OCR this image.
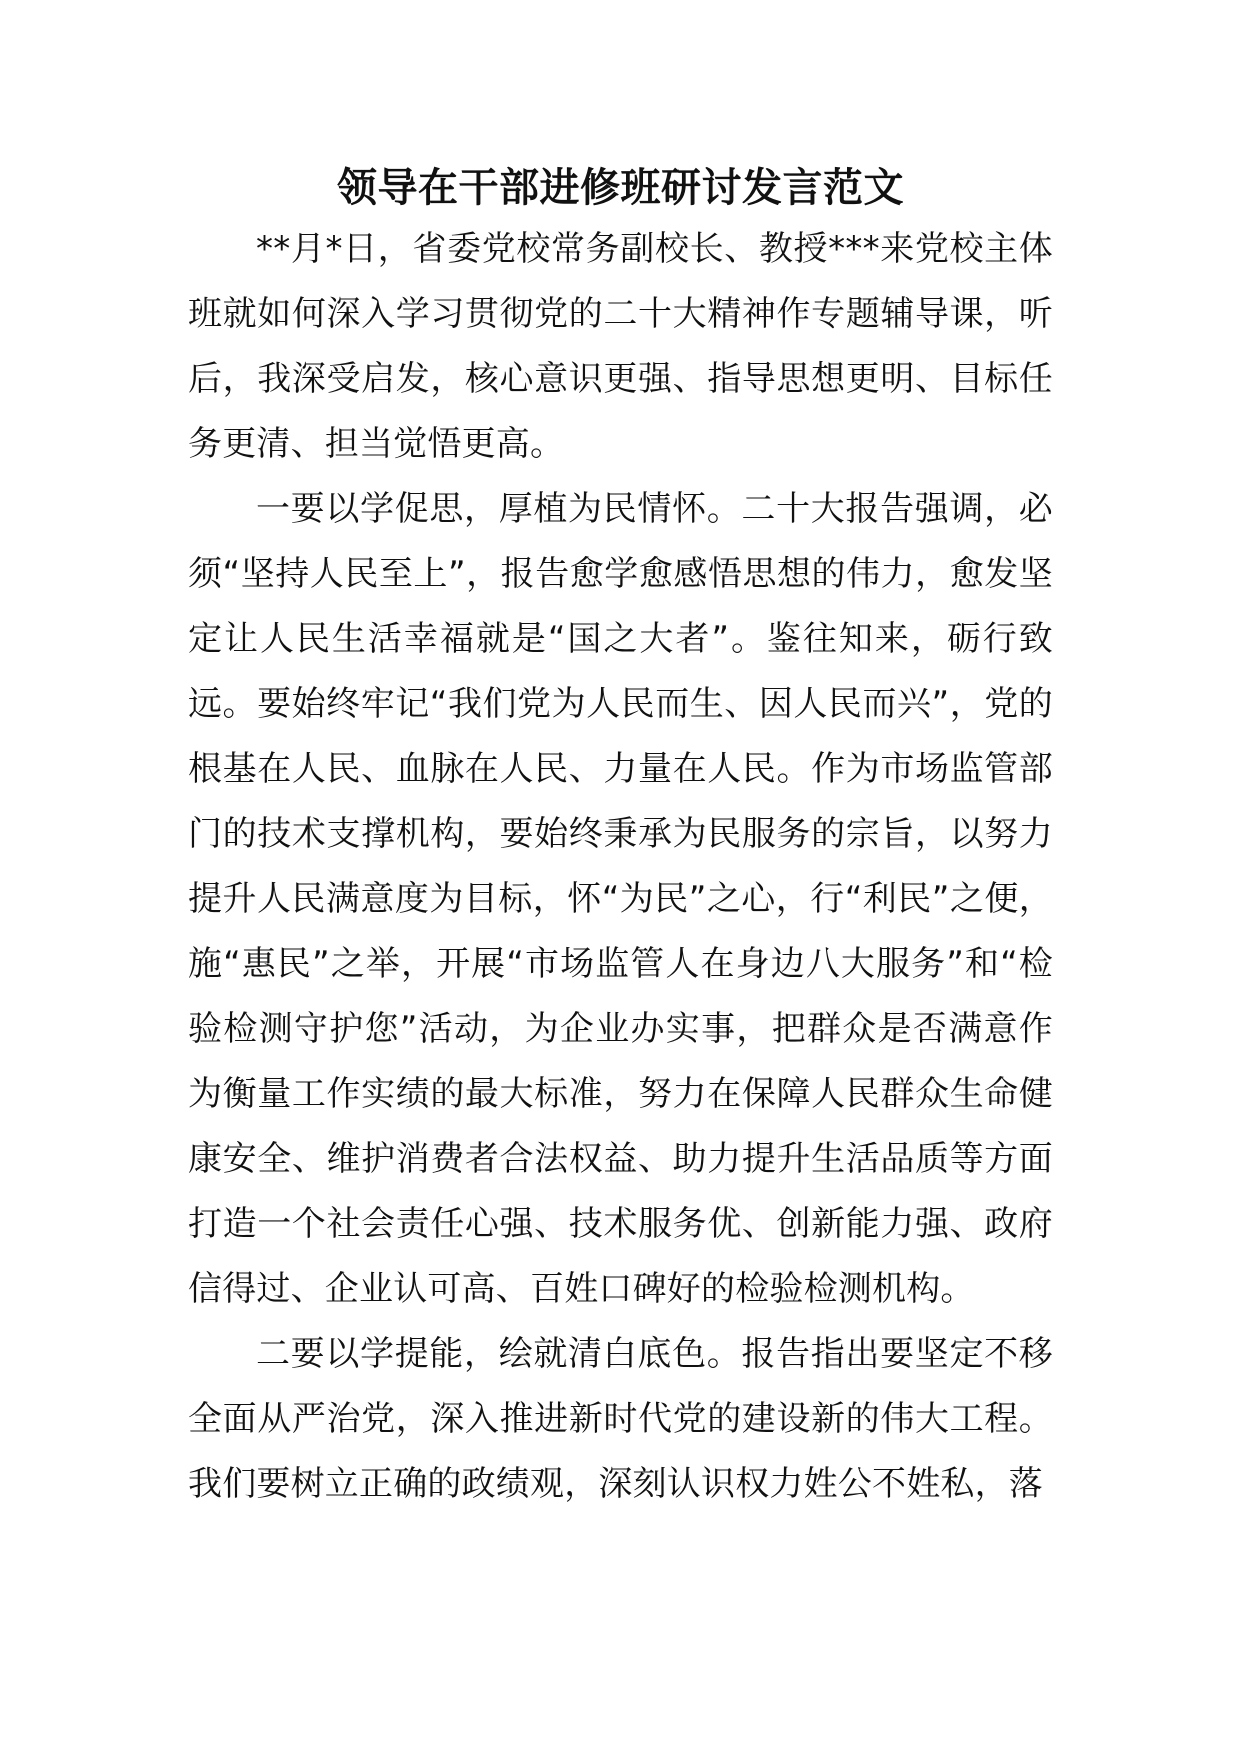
领导在干部进修班研讨发言范文

**月*日，省委党校常务副校长、教授***来党校主体班就如何深入学习贯彻党的二十大精神作专题辅导课，听后，我深受启发，核心意识更强、指导思想更明、目标任务更清、担当觉悟更高。

一要以学促思，厚植为民情怀。二十大报告强调，必须“坚持人民至上”，报告愈学愈感悟思想的伟力，愈发坚定让人民生活幸福就是“国之大者”。鉴往知来，砺行致远。要始终牢记“我们党为人民而生、因人民而兴”，党的根基在人民、血脉在人民、力量在人民。作为市场监管部门的技术支撑机构，要始终秉承为民服务的宗旨，以努力提升人民满意度为目标，怀“为民”之心，行“利民”之便，施“惠民”之举，开展“市场监管人在身边八大服务”和“检验检测守护您”活动，为企业办实事，把群众是否满意作为衡量工作实绩的最大标准，努力在保障人民群众生命健康安全、维护消费者合法权益、助力提升生活品质等方面打造一个社会责任心强、技术服务优、创新能力强、政府信得过、企业认可高、百姓口碑好的检验检测机构。

二要以学提能，绘就清白底色。报告指出要坚定不移全面从严治党，深入推进新时代党的建设新的伟大工程。我们要树立正确的政绩观，深刻认识权力姓公不姓私，落
